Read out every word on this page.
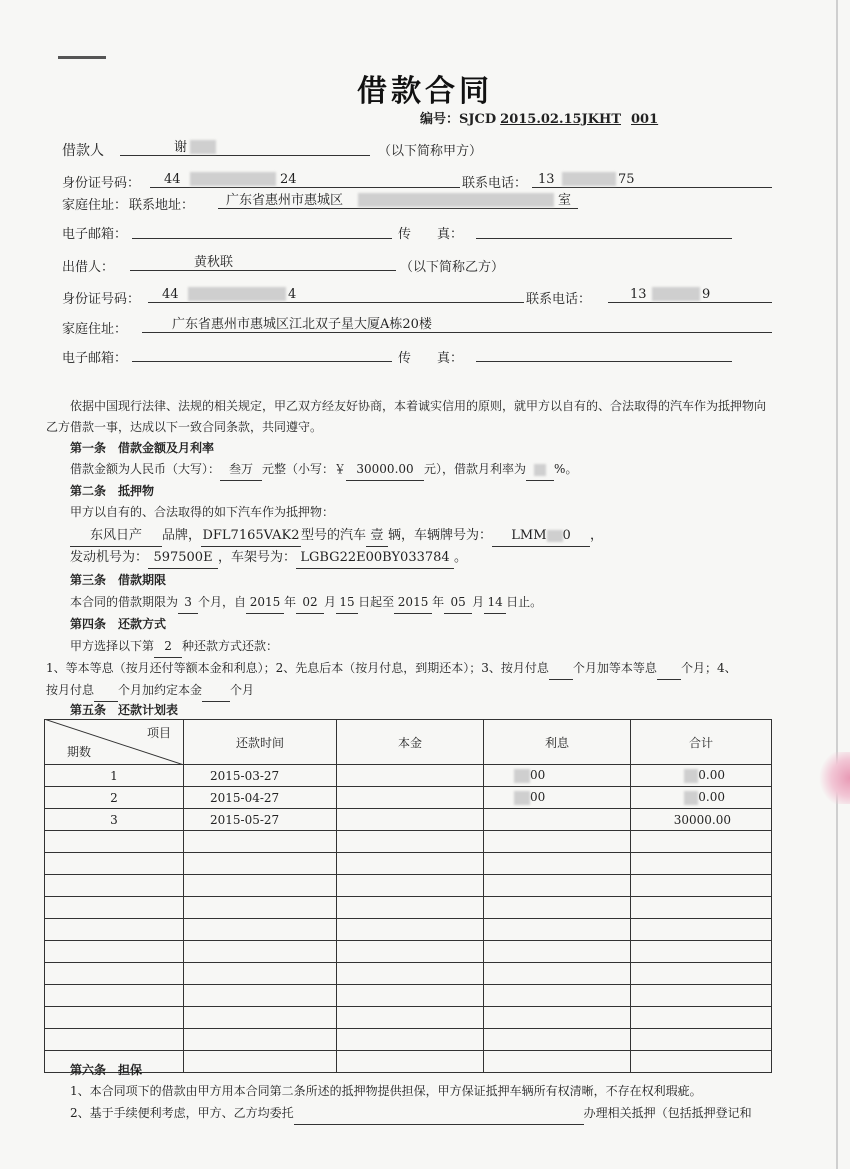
借款合同
编号：SJCD 2015.02.15JKHT 001
借款人	谢	（以下简称甲方）
身份证号码： 44	24	联系电话： 13	75
家庭住址： 联系地址： 广东省惠州市惠城区	室
电子邮箱：	传　　真：
出借人：	黄秋联	（以下简称乙方）
身份证号码： 44	4	联系电话：	13	9
家庭住址：	广东省惠州市惠城区江北双子星大厦A栋20楼
电子邮箱：	传　　真：
依据中国现行法律、法规的相关规定，甲乙双方经友好协商，本着诚实信用的原则，就甲方以自有的、合法取得的汽车作为抵押物向乙方借款一事，达成以下一致合同条款，共同遵守。
第一条　借款金额及月利率
借款金额为人民币（大写）： 叁万 元整（小写：￥ 30000.00 元），借款月利率为 %。
第二条　抵押物
甲方以自有的、合法取得的如下汽车作为抵押物：
东风日产 品牌，DFL7165VAK2型号的汽车 壹 辆，车辆牌号为： LMM 0 ，
发动机号为： 597500E ，车架号为： LGBG22E00BY033784 。
第三条　借款期限
本合同的借款期限为 3 个月，自 2015 年 02 月 15 日起至 2015 年 05 月 14 日止。
第四条　还款方式
甲方选择以下第 2 种还款方式还款：
1、等本等息（按月还付等额本金和利息）；2、先息后本（按月付息，到期还本）；3、按月付息 个月加等本等息 个月；4、
按月付息 个月加约定本金 个月
第五条　还款计划表
项目
期数	还款时间	本金	利息	合计
1	2015-03-27		00	0.00
2	2015-04-27		00	0.00
3	2015-05-27			30000.00

第六条　担保
1、本合同项下的借款由甲方用本合同第二条所述的抵押物提供担保，甲方保证抵押车辆所有权清晰，不存在权利瑕疵。
2、基于手续便利考虑，甲方、乙方均委托	办理相关抵押（包括抵押登记和
